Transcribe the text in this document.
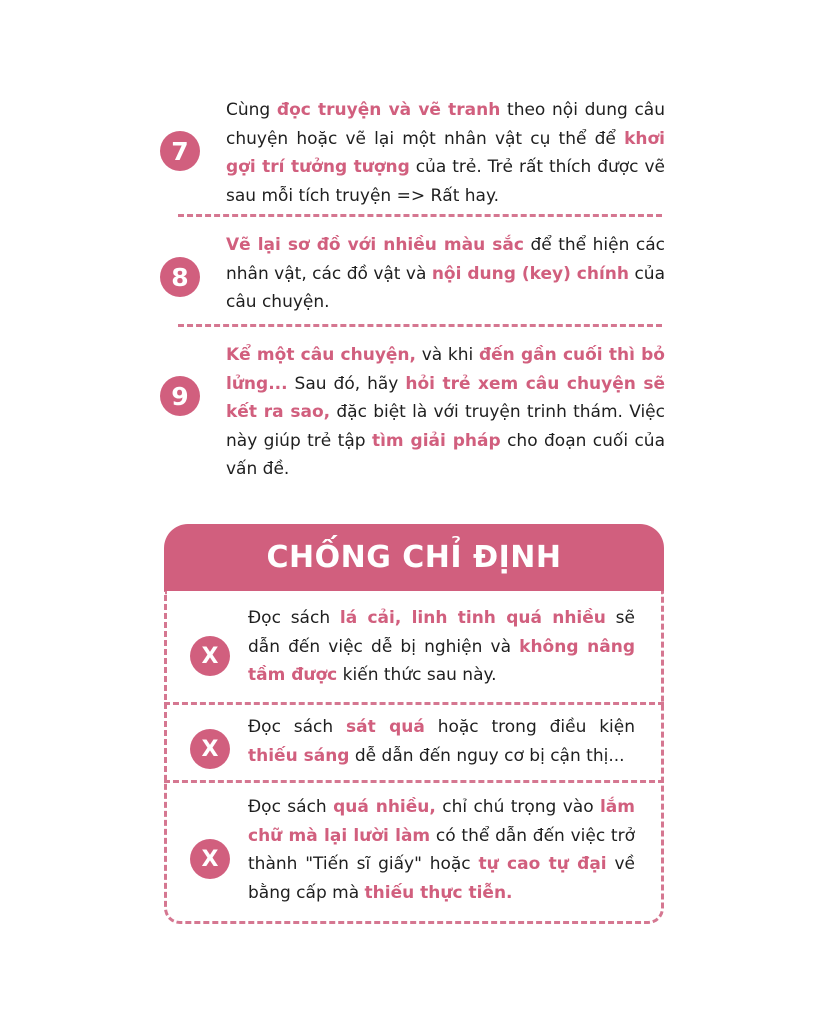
7

Cùng đọc truyện và vẽ tranh theo nội dung câu chuyện hoặc vẽ lại một nhân vật cụ thể để khơi gợi trí tưởng tượng của trẻ. Trẻ rất thích được vẽ sau mỗi tích truyện => Rất hay.

8

Vẽ lại sơ đồ với nhiều màu sắc để thể hiện các nhân vật, các đồ vật và nội dung (key) chính của câu chuyện.

9

Kể một câu chuyện, và khi đến gần cuối thì bỏ lửng... Sau đó, hãy hỏi trẻ xem câu chuyện sẽ kết ra sao, đặc biệt là với truyện trinh thám. Việc này giúp trẻ tập tìm giải pháp cho đoạn cuối của vấn đề.

CHỐNG CHỈ ĐỊNH
X

Đọc sách lá cải, linh tinh quá nhiều sẽ dẫn đến việc dễ bị nghiện và không nâng tầm được kiến thức sau này.

X

Đọc sách sát quá hoặc trong điều kiện thiếu sáng dễ dẫn đến nguy cơ bị cận thị...

X

Đọc sách quá nhiều, chỉ chú trọng vào lắm chữ mà lại lười làm có thể dẫn đến việc trở thành "Tiến sĩ giấy" hoặc tự cao tự đại về bằng cấp mà thiếu thực tiễn.
